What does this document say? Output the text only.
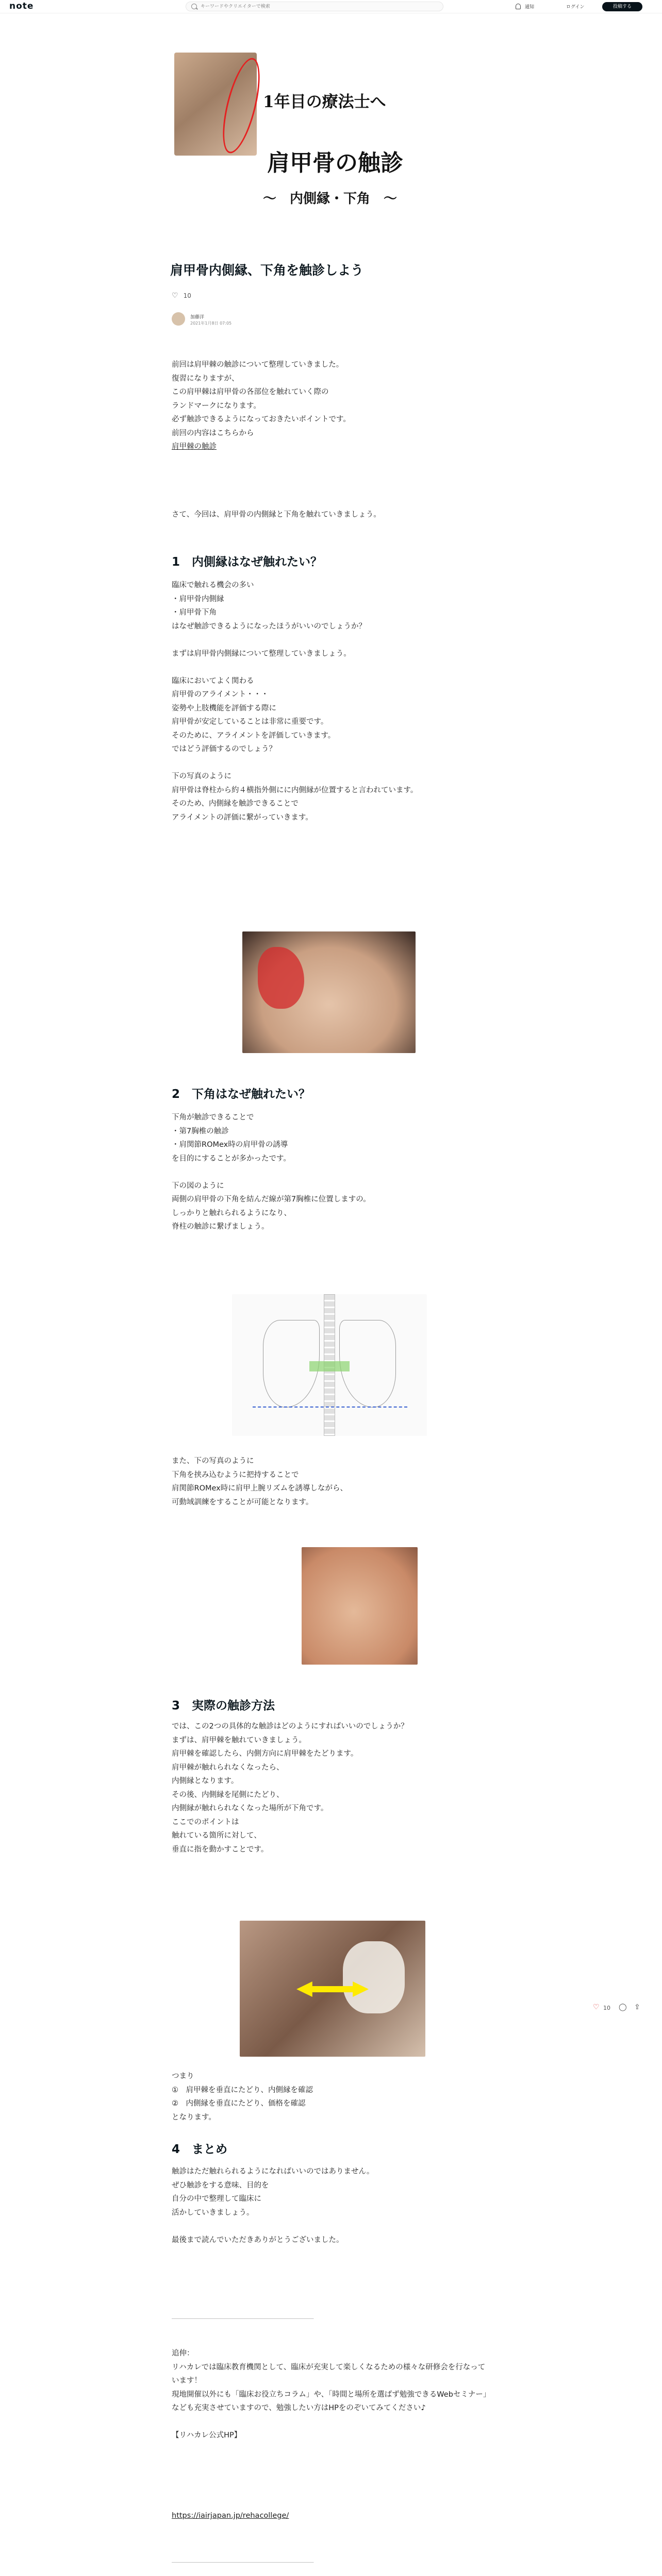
note
キーワードやクリエイターで検索	通知	ログイン	投稿する
1年目の療法士へ
肩甲骨の触診
～　内側縁・下角　～
肩甲骨内側縁、下角を触診しよう
♡ 10
加藤洋
2021年1月8日 07:05
前回は肩甲棘の触診について整理していきました。
復習になりますが、
この肩甲棘は肩甲骨の各部位を触れていく際の
ランドマークになります。
必ず触診できるようになっておきたいポイントです。
前回の内容はこちらから
肩甲棘の触診
さて、今回は、肩甲骨の内側縁と下角を触れていきましょう。
1　内側縁はなぜ触れたい？
臨床で触れる機会の多い
・肩甲骨内側縁
・肩甲骨下角
はなぜ触診できるようになったほうがいいのでしょうか？

まずは肩甲骨内側縁について整理していきましょう。

臨床においてよく関わる
肩甲骨のアライメント・・・
姿勢や上肢機能を評価する際に
肩甲骨が安定していることは非常に重要です。
そのために、アライメントを評価していきます。
ではどう評価するのでしょう？

下の写真のように
肩甲骨は脊柱から約４横指外側にに内側縁が位置すると言われています。
そのため、内側縁を触診できることで
アライメントの評価に繋がっていきます。
2　下角はなぜ触れたい？
下角が触診できることで
・第7胸椎の触診
・肩関節ROMex時の肩甲骨の誘導
を目的にすることが多かったです。

下の図のように
両側の肩甲骨の下角を結んだ線が第7胸椎に位置しますの。
しっかりと触れられるようになり、
脊柱の触診に繋げましょう。
また、下の写真のように
下角を挟み込むように把持することで
肩関節ROMex時に肩甲上腕リズムを誘導しながら、
可動域訓練をすることが可能となります。
3　実際の触診方法
では、この2つの具体的な触診はどのようにすればいいのでしょうか？
まずは、肩甲棘を触れていきましょう。
肩甲棘を確認したら、内側方向に肩甲棘をたどります。
肩甲棘が触れられなくなったら、
内側縁となります。
その後、内側縁を尾側にたどり、
内側縁が触れられなくなった場所が下角です。
ここでのポイントは
触れている箇所に対して、
垂直に指を動かすことです。
つまり
①　肩甲棘を垂直にたどり、内側縁を確認
②　内側縁を垂直にたどり、価格を確認
となります。
4　まとめ
触診はただ触れられるようになればいいのではありません。
ぜひ触診をする意味、目的を
自分の中で整理して臨床に
活かしていきましょう。

最後まで読んでいただきありがとうございました。
＿＿＿＿＿＿＿＿＿＿＿＿＿＿＿＿＿＿＿
追伸：
リハカレでは臨床教育機関として、臨床が充実して楽しくなるための様々な研修会を行なっています！
現地開催以外にも「臨床お役立ちコラム」や、「時間と場所を選ばず勉強できるWebセミナー」なども充実させていますので、勉強したい方はHPをのぞいてみてください♪

【リハカレ公式HP】
https://iairjapan.jp/rehacollege/
＿＿＿＿＿＿＿＿＿＿＿＿＿＿＿＿＿＿＿

♡ 10 ◯ ⇪
